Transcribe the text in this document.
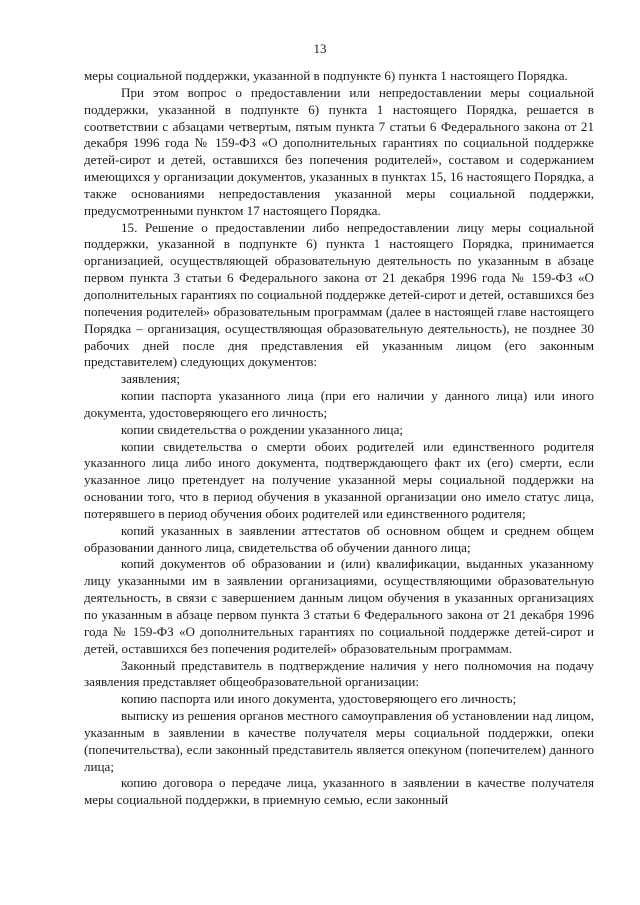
13

меры социальной поддержки, указанной в подпункте 6) пункта 1 настоящего Порядка.

При этом вопрос о предоставлении или непредоставлении меры социальной поддержки, указанной в подпункте 6) пункта 1 настоящего Порядка, решается в соответствии с абзацами четвертым, пятым пункта 7 статьи 6 Федерального закона от 21 декабря 1996 года № 159-ФЗ «О дополнительных гарантиях по социальной поддержке детей-сирот и детей, оставшихся без попечения родителей», составом и содержанием имеющихся у организации документов, указанных в пунктах 15, 16 настоящего Порядка, а также основаниями непредоставления указанной меры социальной поддержки, предусмотренными пунктом 17 настоящего Порядка.

15. Решение о предоставлении либо непредоставлении лицу меры социальной поддержки, указанной в подпункте 6) пункта 1 настоящего Порядка, принимается организацией, осуществляющей образовательную деятельность по указанным в абзаце первом пункта 3 статьи 6 Федерального закона от 21 декабря 1996 года № 159-ФЗ «О дополнительных гарантиях по социальной поддержке детей-сирот и детей, оставшихся без попечения родителей» образовательным программам (далее в настоящей главе настоящего Порядка – организация, осуществляющая образовательную деятельность), не позднее 30 рабочих дней после дня представления ей указанным лицом (его законным представителем) следующих документов:

заявления;

копии паспорта указанного лица (при его наличии у данного лица) или иного документа, удостоверяющего его личность;

копии свидетельства о рождении указанного лица;

копии свидетельства о смерти обоих родителей или единственного родителя указанного лица либо иного документа, подтверждающего факт их (его) смерти, если указанное лицо претендует на получение указанной меры социальной поддержки на основании того, что в период обучения в указанной организации оно имело статус лица, потерявшего в период обучения обоих родителей или единственного родителя;

копий указанных в заявлении аттестатов об основном общем и среднем общем образовании данного лица, свидетельства об обучении данного лица;

копий документов об образовании и (или) квалификации, выданных указанному лицу указанными им в заявлении организациями, осуществляющими образовательную деятельность, в связи с завершением данным лицом обучения в указанных организациях по указанным в абзаце первом пункта 3 статьи 6 Федерального закона от 21 декабря 1996 года № 159-ФЗ «О дополнительных гарантиях по социальной поддержке детей-сирот и детей, оставшихся без попечения родителей» образовательным программам.

Законный представитель в подтверждение наличия у него полномочия на подачу заявления представляет общеобразовательной организации:

копию паспорта или иного документа, удостоверяющего его личность;

выписку из решения органов местного самоуправления об установлении над лицом, указанным в заявлении в качестве получателя меры социальной поддержки, опеки (попечительства), если законный представитель является опекуном (попечителем) данного лица;

копию договора о передаче лица, указанного в заявлении в качестве получателя меры социальной поддержки, в приемную семью, если законный
